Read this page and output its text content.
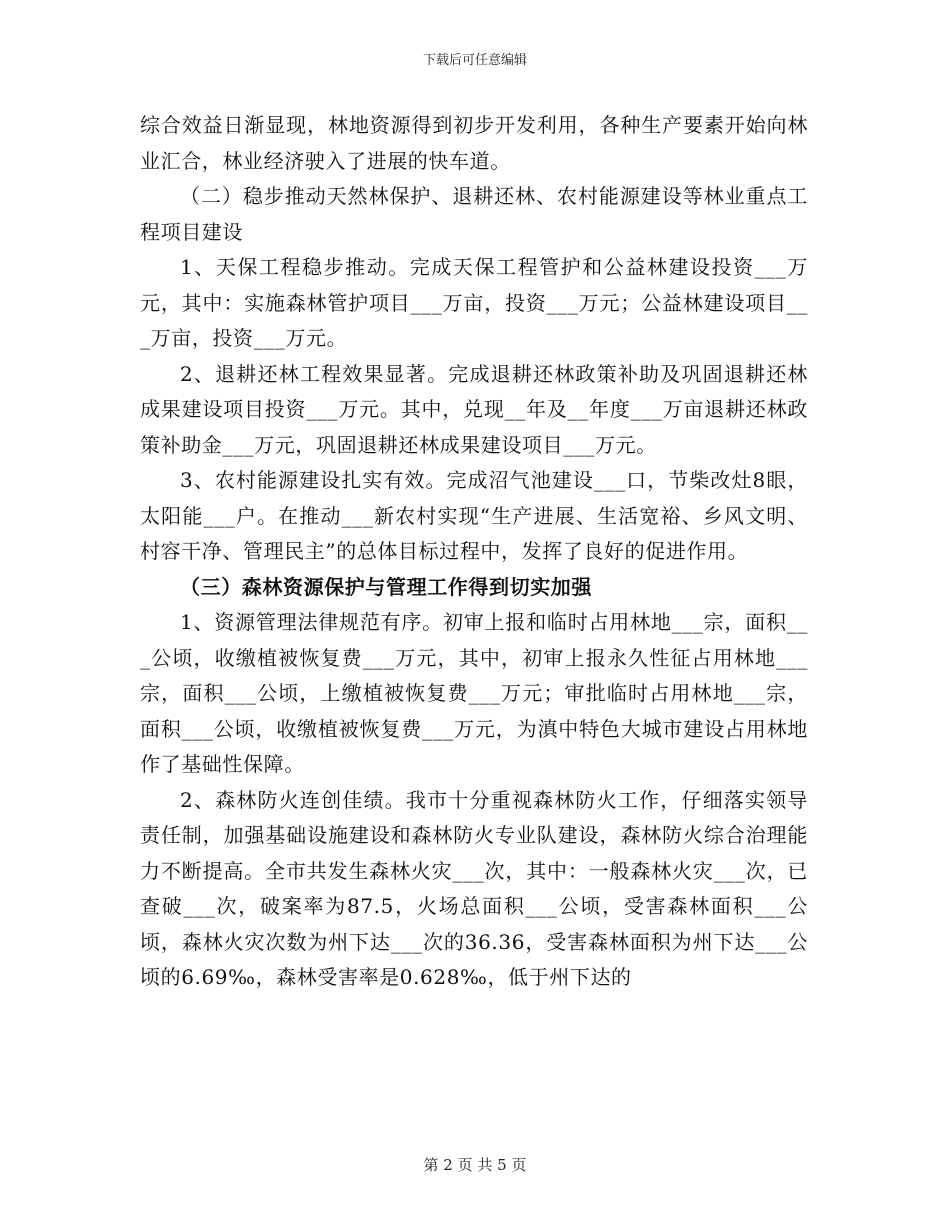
下载后可任意编辑

综合效益日渐显现，林地资源得到初步开发利用，各种生产要素开始向林业汇合，林业经济驶入了进展的快车道。

（二）稳步推动天然林保护、退耕还林、农村能源建设等林业重点工程项目建设

1、天保工程稳步推动。完成天保工程管护和公益林建设投资___万元，其中：实施森林管护项目___万亩，投资___万元；公益林建设项目___万亩，投资___万元。

2、退耕还林工程效果显著。完成退耕还林政策补助及巩固退耕还林成果建设项目投资___万元。其中，兑现__年及__年度___万亩退耕还林政策补助金___万元，巩固退耕还林成果建设项目___万元。

3、农村能源建设扎实有效。完成沼气池建设___口，节柴改灶8眼，太阳能___户。在推动___新农村实现“生产进展、生活宽裕、乡风文明、村容干净、管理民主”的总体目标过程中，发挥了良好的促进作用。

（三）森林资源保护与管理工作得到切实加强

1、资源管理法律规范有序。初审上报和临时占用林地___宗，面积___公顷，收缴植被恢复费___万元，其中，初审上报永久性征占用林地___宗，面积___公顷，上缴植被恢复费___万元；审批临时占用林地___宗，面积___公顷，收缴植被恢复费___万元，为滇中特色大城市建设占用林地作了基础性保障。

2、森林防火连创佳绩。我市十分重视森林防火工作，仔细落实领导责任制，加强基础设施建设和森林防火专业队建设，森林防火综合治理能力不断提高。全市共发生森林火灾___次，其中：一般森林火灾___次，已查破___次，破案率为87.5，火场总面积___公顷，受害森林面积___公顷，森林火灾次数为州下达___次的36.36，受害森林面积为州下达___公顷的6.69‰，森林受害率是0.628‰，低于州下达的

第 2 页 共 5 页
